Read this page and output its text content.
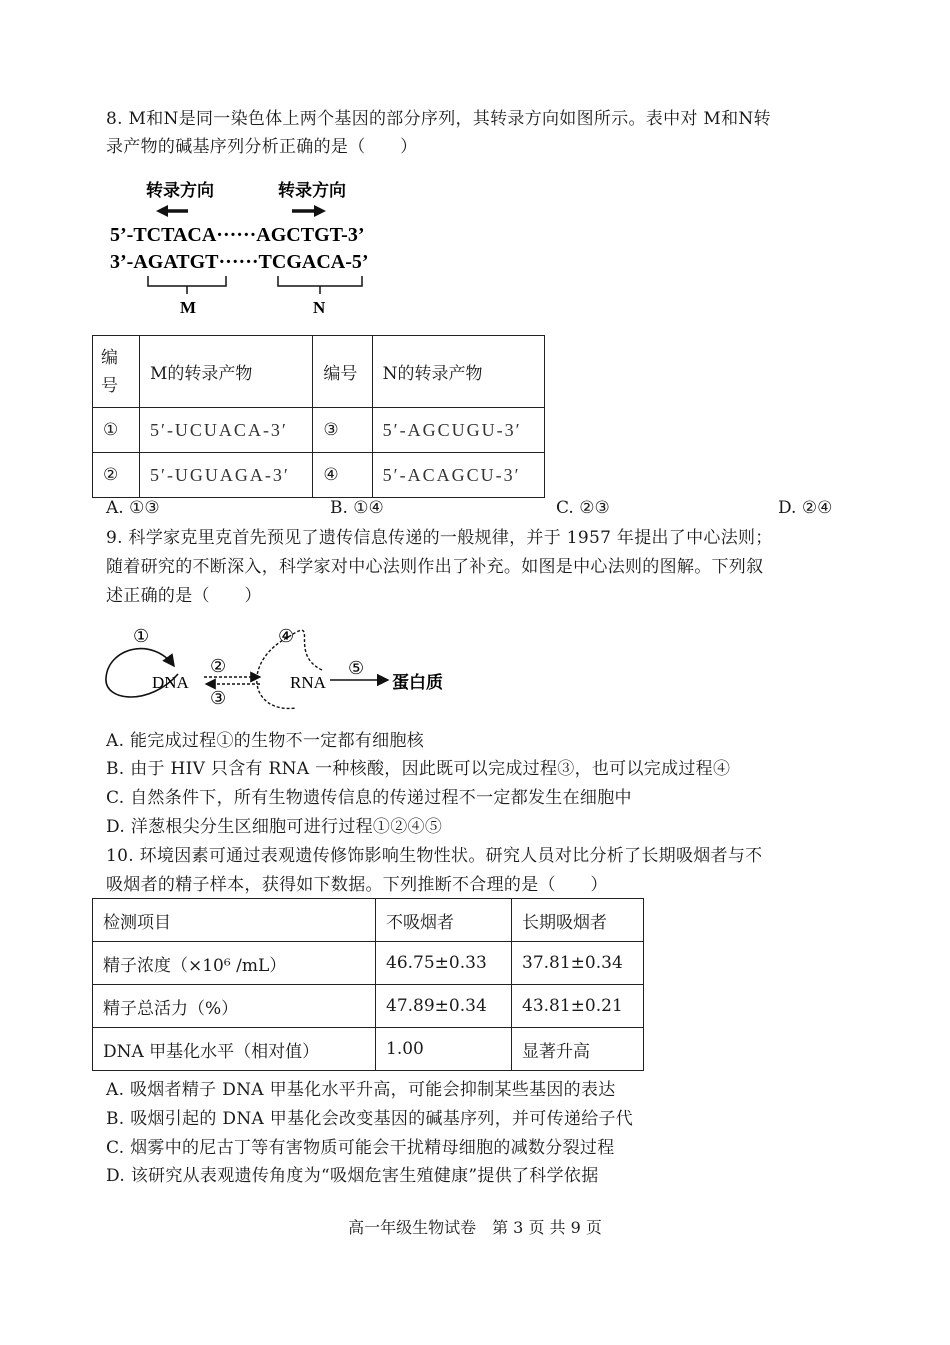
8. M和N是同一染色体上两个基因的部分序列，其转录方向如图所示。表中对 M和N转
录产物的碱基序列分析正确的是（　　）
转录方向	转录方向
5’-TCTACA······AGCTGT-3’
3’-AGATGT······TCGACA-5’
M	N
编号	M的转录产物	编号	N的转录产物
①	5′-UCUACA-3′	③	5′-AGCUGU-3′
②	5′-UGUAGA-3′	④	5′-ACAGCU-3′
A. ①③	B. ①④	C. ②③	D. ②④
9. 科学家克里克首先预见了遗传信息传递的一般规律，并于 1957 年提出了中心法则；
随着研究的不断深入，科学家对中心法则作出了补充。如图是中心法则的图解。下列叙
述正确的是（　　）
DNA	RNA	蛋白质
①
②
③
④
⑤
A. 能完成过程①的生物不一定都有细胞核
B. 由于 HIV 只含有 RNA 一种核酸，因此既可以完成过程③，也可以完成过程④
C. 自然条件下，所有生物遗传信息的传递过程不一定都发生在细胞中
D. 洋葱根尖分生区细胞可进行过程①②④⑤
10. 环境因素可通过表观遗传修饰影响生物性状。研究人员对比分析了长期吸烟者与不
吸烟者的精子样本，获得如下数据。下列推断不合理的是（　　）
检测项目	不吸烟者	长期吸烟者
精子浓度（×10⁶ /mL）	46.75±0.33	37.81±0.34
精子总活力（%）	47.89±0.34	43.81±0.21
DNA 甲基化水平（相对值）	1.00	显著升高
A. 吸烟者精子 DNA 甲基化水平升高，可能会抑制某些基因的表达
B. 吸烟引起的 DNA 甲基化会改变基因的碱基序列，并可传递给子代
C. 烟雾中的尼古丁等有害物质可能会干扰精母细胞的减数分裂过程
D. 该研究从表观遗传角度为“吸烟危害生殖健康”提供了科学依据
高一年级生物试卷　第 3 页 共 9 页
